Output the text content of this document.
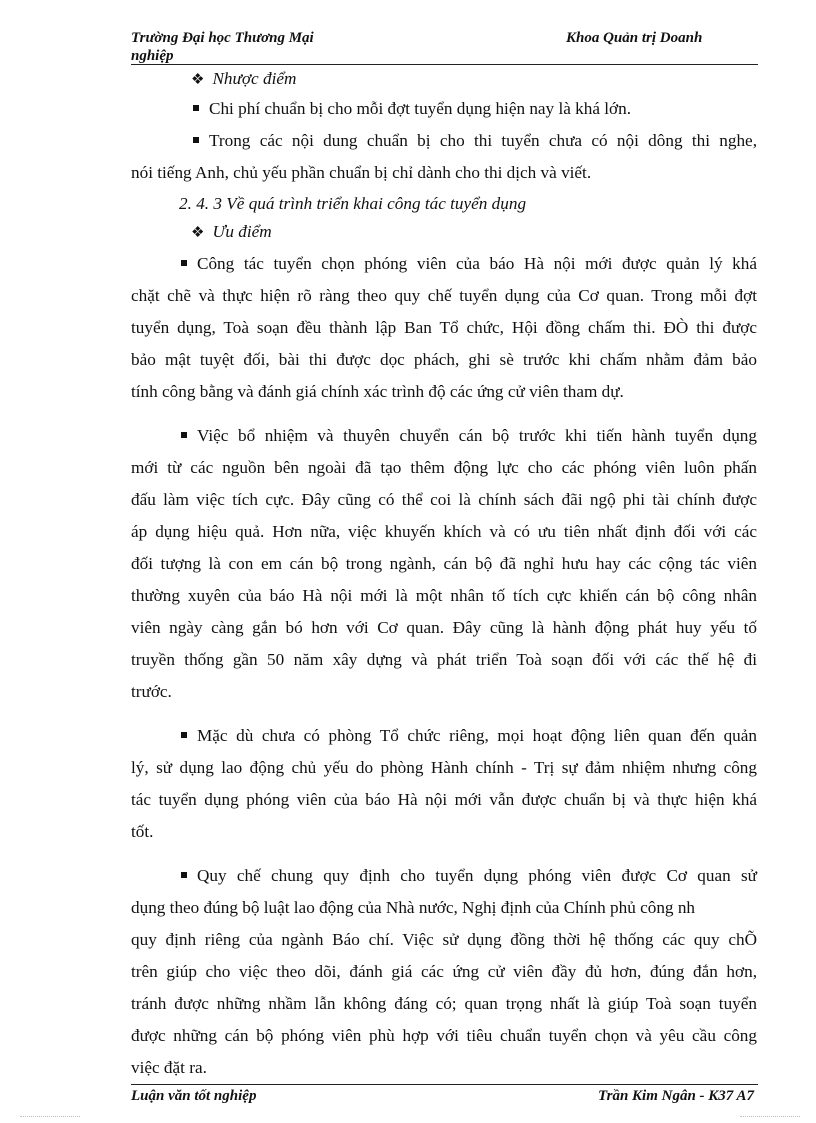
Trường Đại học Thương Mại nghiệp
Khoa Quản trị Doanh

❖ Nhược điểm

Chi phí chuẩn bị cho mỗi đợt tuyển dụng hiện nay là khá lớn.

Trong các nội dung chuẩn bị cho thi tuyển chưa có nội dông thi nghe,

nói tiếng Anh, chủ yếu phần chuẩn bị chỉ dành cho thi dịch và viết.

2. 4. 3 Về quá trình triển khai công tác tuyển dụng

❖ Ưu điểm

Công tác tuyển chọn phóng viên của báo Hà nội mới được quản lý khá

chặt chẽ và thực hiện rõ ràng theo quy chế tuyển dụng của Cơ quan. Trong mỗi đợt

tuyển dụng, Toà soạn đều thành lập Ban Tổ chức, Hội đồng chấm thi. ĐÒ thi được

bảo mật tuyệt đối, bài thi được dọc phách, ghi sè trước khi chấm nhằm đảm bảo

tính công bằng và đánh giá chính xác trình độ các ứng cử viên tham dự.

Việc bổ nhiệm và thuyên chuyển cán bộ trước khi tiến hành tuyển dụng

mới từ các nguồn bên ngoài đã tạo thêm động lực cho các phóng viên luôn phấn

đấu làm việc tích cực. Đây cũng có thể coi là chính sách đãi ngộ phi tài chính được

áp dụng hiệu quả. Hơn nữa, việc khuyến khích và có ưu tiên nhất định đối với các

đối tượng là con em cán bộ trong ngành, cán bộ đã nghỉ hưu hay các cộng tác viên

thường xuyên của báo Hà nội mới là một nhân tố tích cực khiến cán bộ công nhân

viên ngày càng gắn bó hơn với Cơ quan. Đây cũng là hành động phát huy yếu tố

truyền thống gần 50 năm xây dựng và phát triển Toà soạn đối với các thế hệ đi

trước.

Mặc dù chưa có phòng Tổ chức riêng, mọi hoạt động liên quan đến quản

lý, sử dụng lao động chủ yếu do phòng Hành chính - Trị sự đảm nhiệm nhưng công

tác tuyển dụng phóng viên của báo Hà nội mới vẫn được chuẩn bị và thực hiện khá

tốt.

Quy chế chung quy định cho tuyển dụng phóng viên được Cơ quan sử

dụng theo đúng bộ luật lao động của Nhà nước, Nghị định của Chính phủ công nh

quy định riêng của ngành Báo chí. Việc sử dụng đồng thời hệ thống các quy chÕ

trên giúp cho việc theo dõi, đánh giá các ứng cử viên đầy đủ hơn, đúng đắn hơn,

tránh được những nhầm lẫn không đáng có; quan trọng nhất là giúp Toà soạn tuyển

được những cán bộ phóng viên phù hợp với tiêu chuẩn tuyển chọn và yêu cầu công

việc đặt ra.

Luận văn tốt nghiệp	Trần Kim Ngân - K37 A7
